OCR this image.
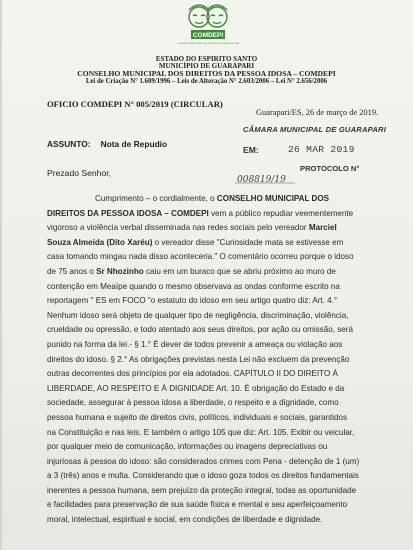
COMDEPI
CONSELHO MUNICIPAL DOS DIREITOS DA PESSOA IDOSA
ESTADO DO ESPIRITO SANTO
MUNICÍPIO DE GUARAPARI
CONSELHO MUNICIPAL DOS DIREITOS DA PESSOA IDOSA – COMDEPI
Lei de Criação N° 1.609/1996 – Leis de Alteração N° 2.603/2006 – Lei N° 2.656/2006
OFICIO COMDEPI N° 005/2019 (CIRCULAR)
Guarapari/ES, 26 de março de 2019.
CÂMARA MUNICIPAL DE GUARAPARI
EM:	26 MAR 2019
PROTOCOLO N°
ASSUNTO: Nota de Repudio
Prezado Senhor,
008819/19
Cumprimento – o cordialmente, o CONSELHO MUNICIPAL DOS
DIREITOS DA PESSOA IDOSA – COMDEPI vem a público repudiar veementemente
vigoroso a violência verbal disseminada nas redes sociais pelo vereador Marciel
Souza Almeida (Dito Xaréu) o vereador disse "Curiosidade mata se estivesse em
casa tomando mingau nada disso aconteceria." O comentário ocorreu porque o idoso
de 75 anos o Sr Nhozinho caiu em um buraco que se abriu próximo ao muro de
contenção em Meaípe quando o mesmo observava as ondas conforme escrito na
reportagem " ES em FOCO "o estatuto do idoso em seu artigo quatro diz: Art. 4.°
Nenhum idoso será objeto de qualquer tipo de negligência, discriminação, violência,
crueldade ou opressão, e todo atentado aos seus direitos, por ação ou omissão, será
punido na forma da lei.- § 1.° É dever de todos prevenir a ameaça ou violação aos
direitos do idoso. § 2.° As obrigações previstas nesta Lei não excluem da prevenção
outras decorrentes dos princípios por ela adotados. CAPÍTULO II DO DIREITO À
LIBERDADE, AO RESPEITO E À DIGNIDADE Art. 10. É obrigação do Estado e da
sociedade, assegurar à pessoa idosa a liberdade, o respeito e a dignidade, como
pessoa humana e sujeito de direitos civis, políticos, individuais e sociais, garantidos
na Constituição e nas leis. E também o artigo 105 que diz: Art. 105. Exibir ou veicular,
por qualquer meio de comunicação, informações ou imagens depreciativas ou
injuriosas à pessoa do idoso: são considerados crimes com Pena - detenção de 1 (um)
a 3 (três) anos e multa. Considerando que o idoso goza todos os direitos fundamentais
inerentes a pessoa humana, sem prejuízo da proteção integral, todas as oportunidade
e facilidades para preservação de sua saúde física e mental e seu aperfeiçoamento
moral, intelectual, espiritual e social, em condições de liberdade e dignidade.
